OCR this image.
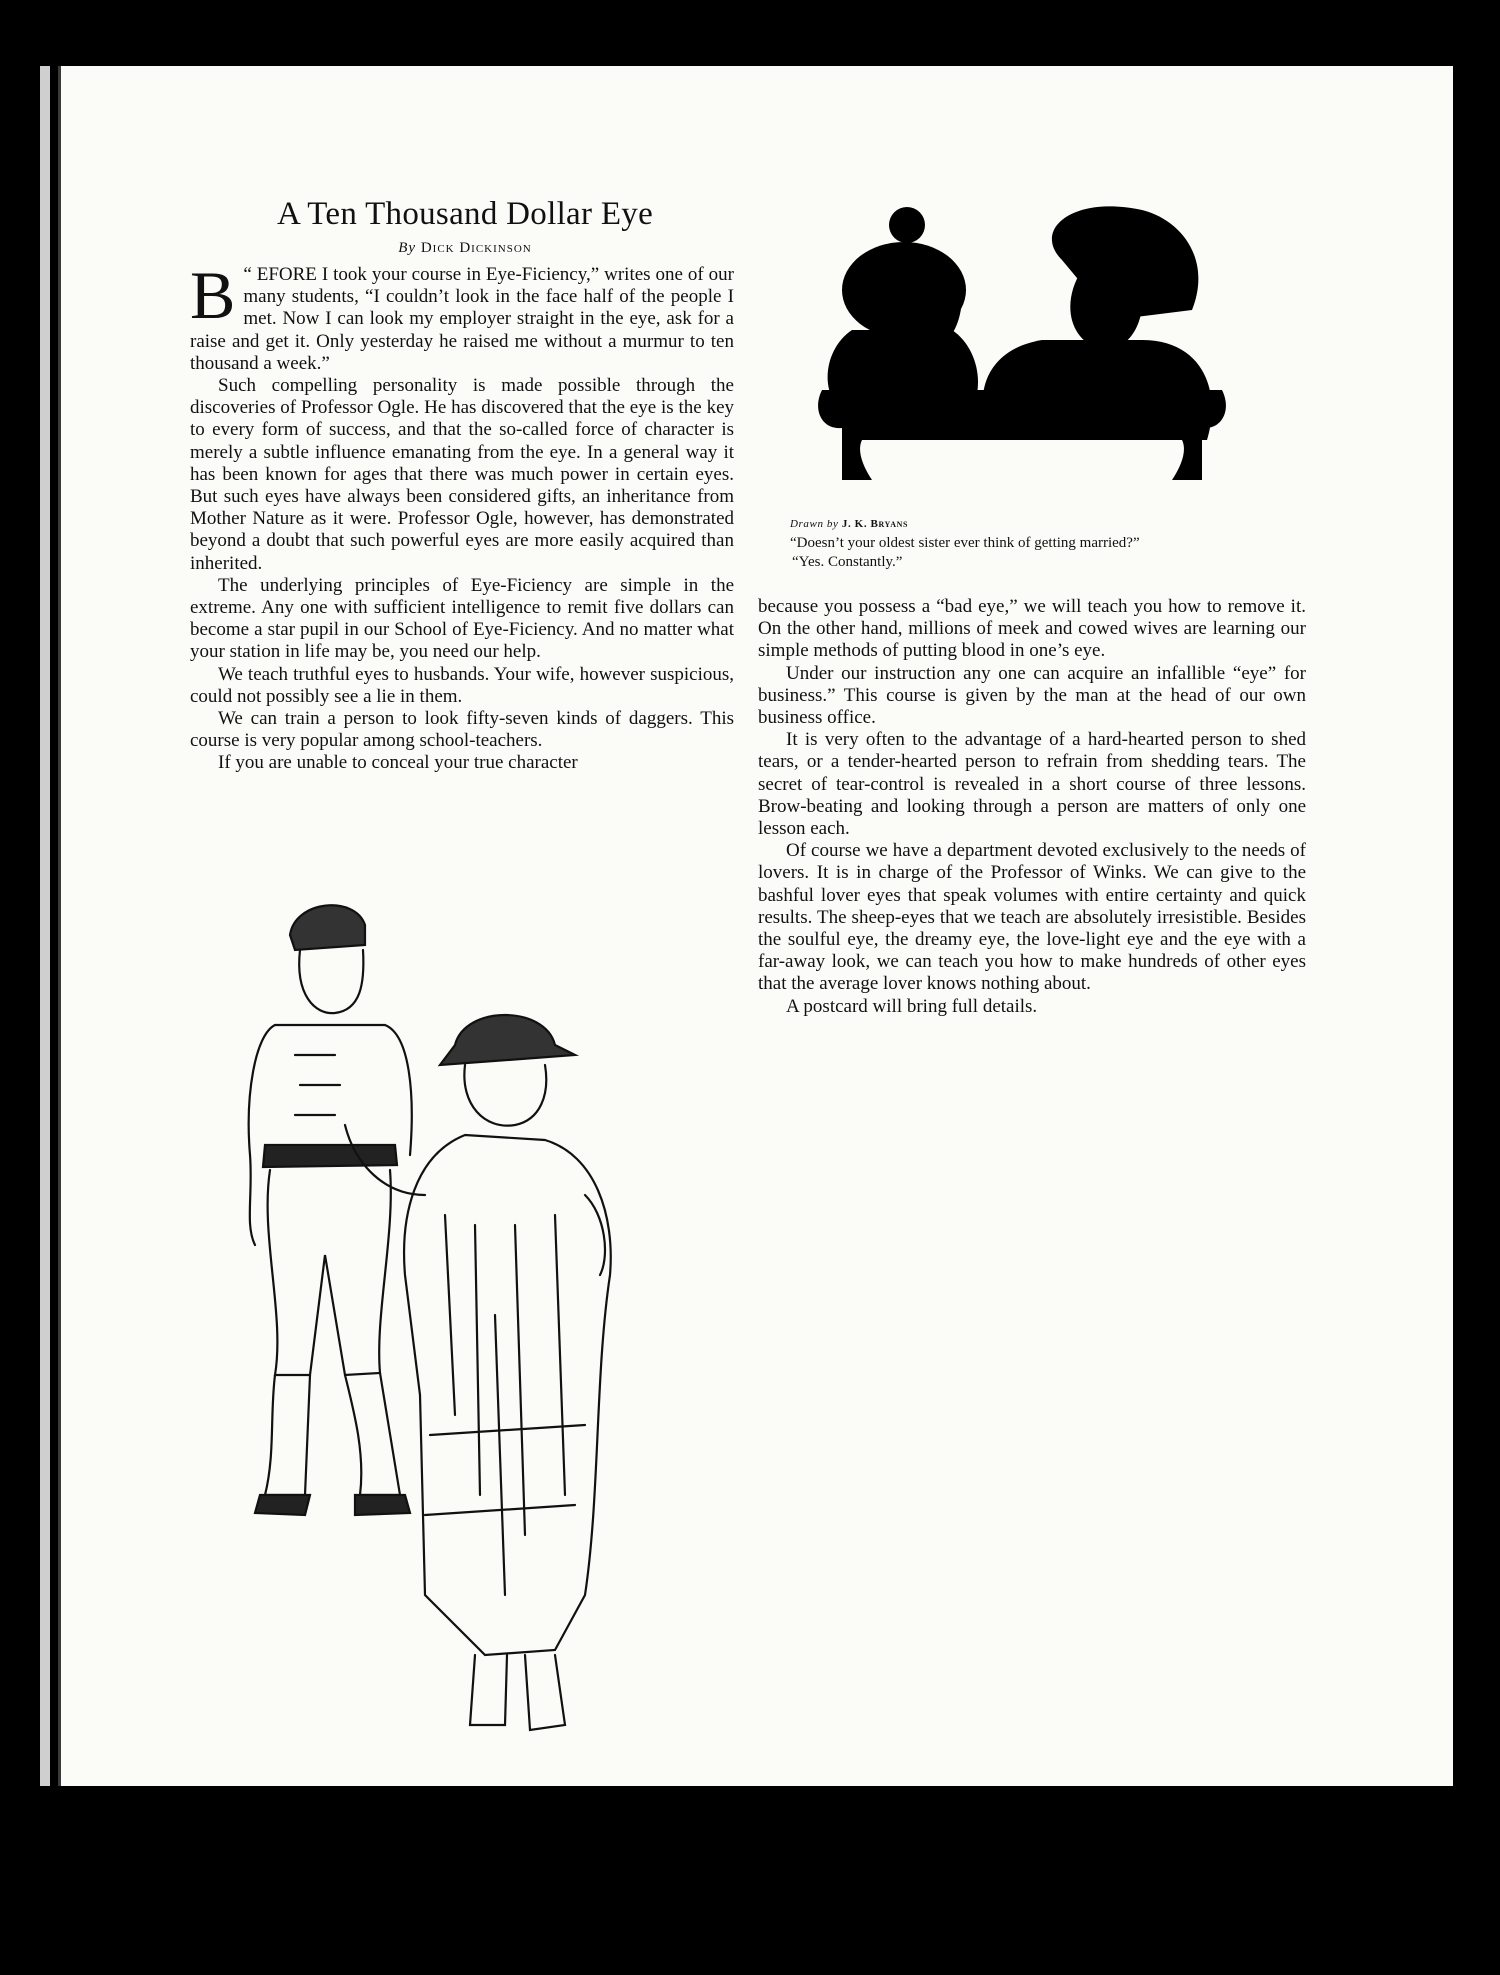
A Ten Thousand Dollar Eye
By Dick Dickinson

B “ EFORE I took your course in Eye-Ficiency,” writes one of our many students, “I couldn’t look in the face half of the people I met. Now I can look my employer straight in the eye, ask for a raise and get it. Only yesterday he raised me without a murmur to ten thousand a week.”

Such compelling personality is made possible through the discoveries of Professor Ogle. He has discovered that the eye is the key to every form of success, and that the so-called force of character is merely a subtle influence emanating from the eye. In a general way it has been known for ages that there was much power in certain eyes. But such eyes have always been considered gifts, an inheritance from Mother Nature as it were. Professor Ogle, however, has demonstrated beyond a doubt that such powerful eyes are more easily acquired than inherited.

The underlying principles of Eye-Ficiency are simple in the extreme. Any one with sufficient intelligence to remit five dollars can become a star pupil in our School of Eye-Ficiency. And no matter what your station in life may be, you need our help.

We teach truthful eyes to husbands. Your wife, however suspicious, could not possibly see a lie in them.

We can train a person to look fifty-seven kinds of daggers. This course is very popular among school-teachers.

If you are unable to conceal your true character

Drawn by J. K. Bryans
“Doesn’t your oldest sister ever think of getting married?”
“Yes. Constantly.”

because you possess a “bad eye,” we will teach you how to remove it. On the other hand, millions of meek and cowed wives are learning our simple methods of putting blood in one’s eye.

Under our instruction any one can acquire an infallible “eye” for business.” This course is given by the man at the head of our own business office.

It is very often to the advantage of a hard-hearted person to shed tears, or a tender-hearted person to refrain from shedding tears. The secret of tear-control is revealed in a short course of three lessons. Brow-beating and looking through a person are matters of only one lesson each.

Of course we have a department devoted exclusively to the needs of lovers. It is in charge of the Professor of Winks. We can give to the bashful lover eyes that speak volumes with entire certainty and quick results. The sheep-eyes that we teach are absolutely irresistible. Besides the soulful eye, the dreamy eye, the love-light eye and the eye with a far-away look, we can teach you how to make hundreds of other eyes that the average lover knows nothing about.

A postcard will bring full details.
